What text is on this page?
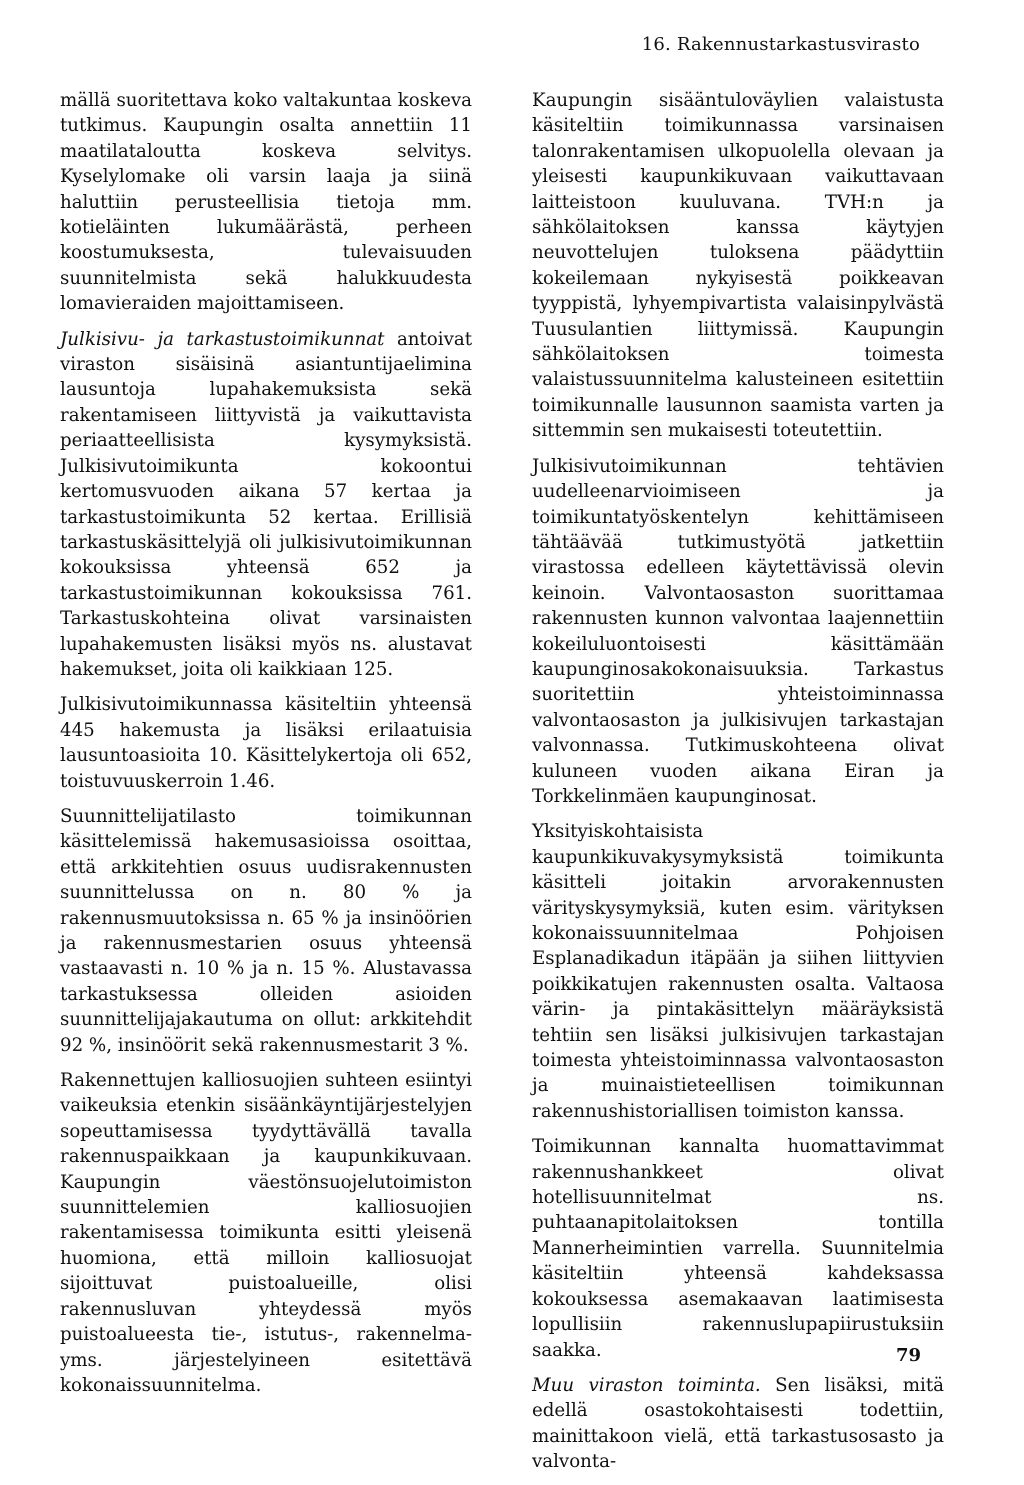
16. Rakennustarkastusvirasto

mällä suoritettava koko valtakuntaa koskeva tutkimus. Kaupungin osalta annettiin 11 maatilataloutta koskeva selvitys. Kyselylomake oli varsin laaja ja siinä haluttiin perusteellisia tietoja mm. kotieläinten lukumäärästä, perheen koostumuksesta, tulevaisuuden suunnitelmista sekä halukkuudesta lomavieraiden majoittamiseen.

Julkisivu- ja tarkastustoimikunnat antoivat viraston sisäisinä asiantuntijaelimina lausuntoja lupahakemuksista sekä rakentamiseen liittyvistä ja vaikuttavista periaatteellisista kysymyksistä. Julkisivutoimikunta kokoontui kertomusvuoden aikana 57 kertaa ja tarkastustoimikunta 52 kertaa. Erillisiä tarkastuskäsittelyjä oli julkisivutoimikunnan kokouksissa yhteensä 652 ja tarkastustoimikunnan kokouksissa 761. Tarkastuskohteina olivat varsinaisten lupahakemusten lisäksi myös ns. alustavat hakemukset, joita oli kaikkiaan 125.

Julkisivutoimikunnassa käsiteltiin yhteensä 445 hakemusta ja lisäksi erilaatuisia lausuntoasioita 10. Käsittelykertoja oli 652, toistuvuuskerroin 1.46.

Suunnittelijatilasto toimikunnan käsittelemissä hakemusasioissa osoittaa, että arkkitehtien osuus uudisrakennusten suunnittelussa on n. 80 % ja rakennusmuutoksissa n. 65 % ja insinöörien ja rakennusmestarien osuus yhteensä vastaavasti n. 10 % ja n. 15 %. Alustavassa tarkastuksessa olleiden asioiden suunnittelijajakautuma on ollut: arkkitehdit 92 %, insinöörit sekä rakennusmestarit 3 %.

Rakennettujen kalliosuojien suhteen esiintyi vaikeuksia etenkin sisäänkäyntijärjestelyjen sopeuttamisessa tyydyttävällä tavalla rakennuspaikkaan ja kaupunkikuvaan. Kaupungin väestönsuojelutoimiston suunnittelemien kalliosuojien rakentamisessa toimikunta esitti yleisenä huomiona, että milloin kalliosuojat sijoittuvat puistoalueille, olisi rakennusluvan yhteydessä myös puistoalueesta tie-, istutus-, rakennelma- yms. järjestelyineen esitettävä kokonaissuunnitelma.

Kaupungin sisääntuloväylien valaistusta käsiteltiin toimikunnassa varsinaisen talonrakentamisen ulkopuolella olevaan ja yleisesti kaupunkikuvaan vaikuttavaan laitteistoon kuuluvana. TVH:n ja sähkölaitoksen kanssa käytyjen neuvottelujen tuloksena päädyttiin kokeilemaan nykyisestä poikkeavan tyyppistä, lyhyempivartista valaisinpylvästä Tuusulantien liittymissä. Kaupungin sähkölaitoksen toimesta valaistussuunnitelma kalusteineen esitettiin toimikunnalle lausunnon saamista varten ja sittemmin sen mukaisesti toteutettiin.

Julkisivutoimikunnan tehtävien uudelleenarvioimiseen ja toimikuntatyöskentelyn kehittämiseen tähtäävää tutkimustyötä jatkettiin virastossa edelleen käytettävissä olevin keinoin. Valvontaosaston suorittamaa rakennusten kunnon valvontaa laajennettiin kokeiluluontoisesti käsittämään kaupunginosakokonaisuuksia. Tarkastus suoritettiin yhteistoiminnassa valvontaosaston ja julkisivujen tarkastajan valvonnassa. Tutkimuskohteena olivat kuluneen vuoden aikana Eiran ja Torkkelinmäen kaupunginosat.

Yksityiskohtaisista kaupunkikuvakysymyksistä toimikunta käsitteli joitakin arvorakennusten värityskysymyksiä, kuten esim. värityksen kokonaissuunnitelmaa Pohjoisen Esplanadikadun itäpään ja siihen liittyvien poikkikatujen rakennusten osalta. Valtaosa värin- ja pintakäsittelyn määräyksistä tehtiin sen lisäksi julkisivujen tarkastajan toimesta yhteistoiminnassa valvontaosaston ja muinaistieteellisen toimikunnan rakennushistoriallisen toimiston kanssa.

Toimikunnan kannalta huomattavimmat rakennushankkeet olivat hotellisuunnitelmat ns. puhtaanapitolaitoksen tontilla Mannerheimintien varrella. Suunnitelmia käsiteltiin yhteensä kahdeksassa kokouksessa asemakaavan laatimisesta lopullisiin rakennuslupapiirustuksiin saakka.

Muu viraston toiminta. Sen lisäksi, mitä edellä osastokohtaisesti todettiin, mainittakoon vielä, että tarkastusosasto ja valvonta-

79
